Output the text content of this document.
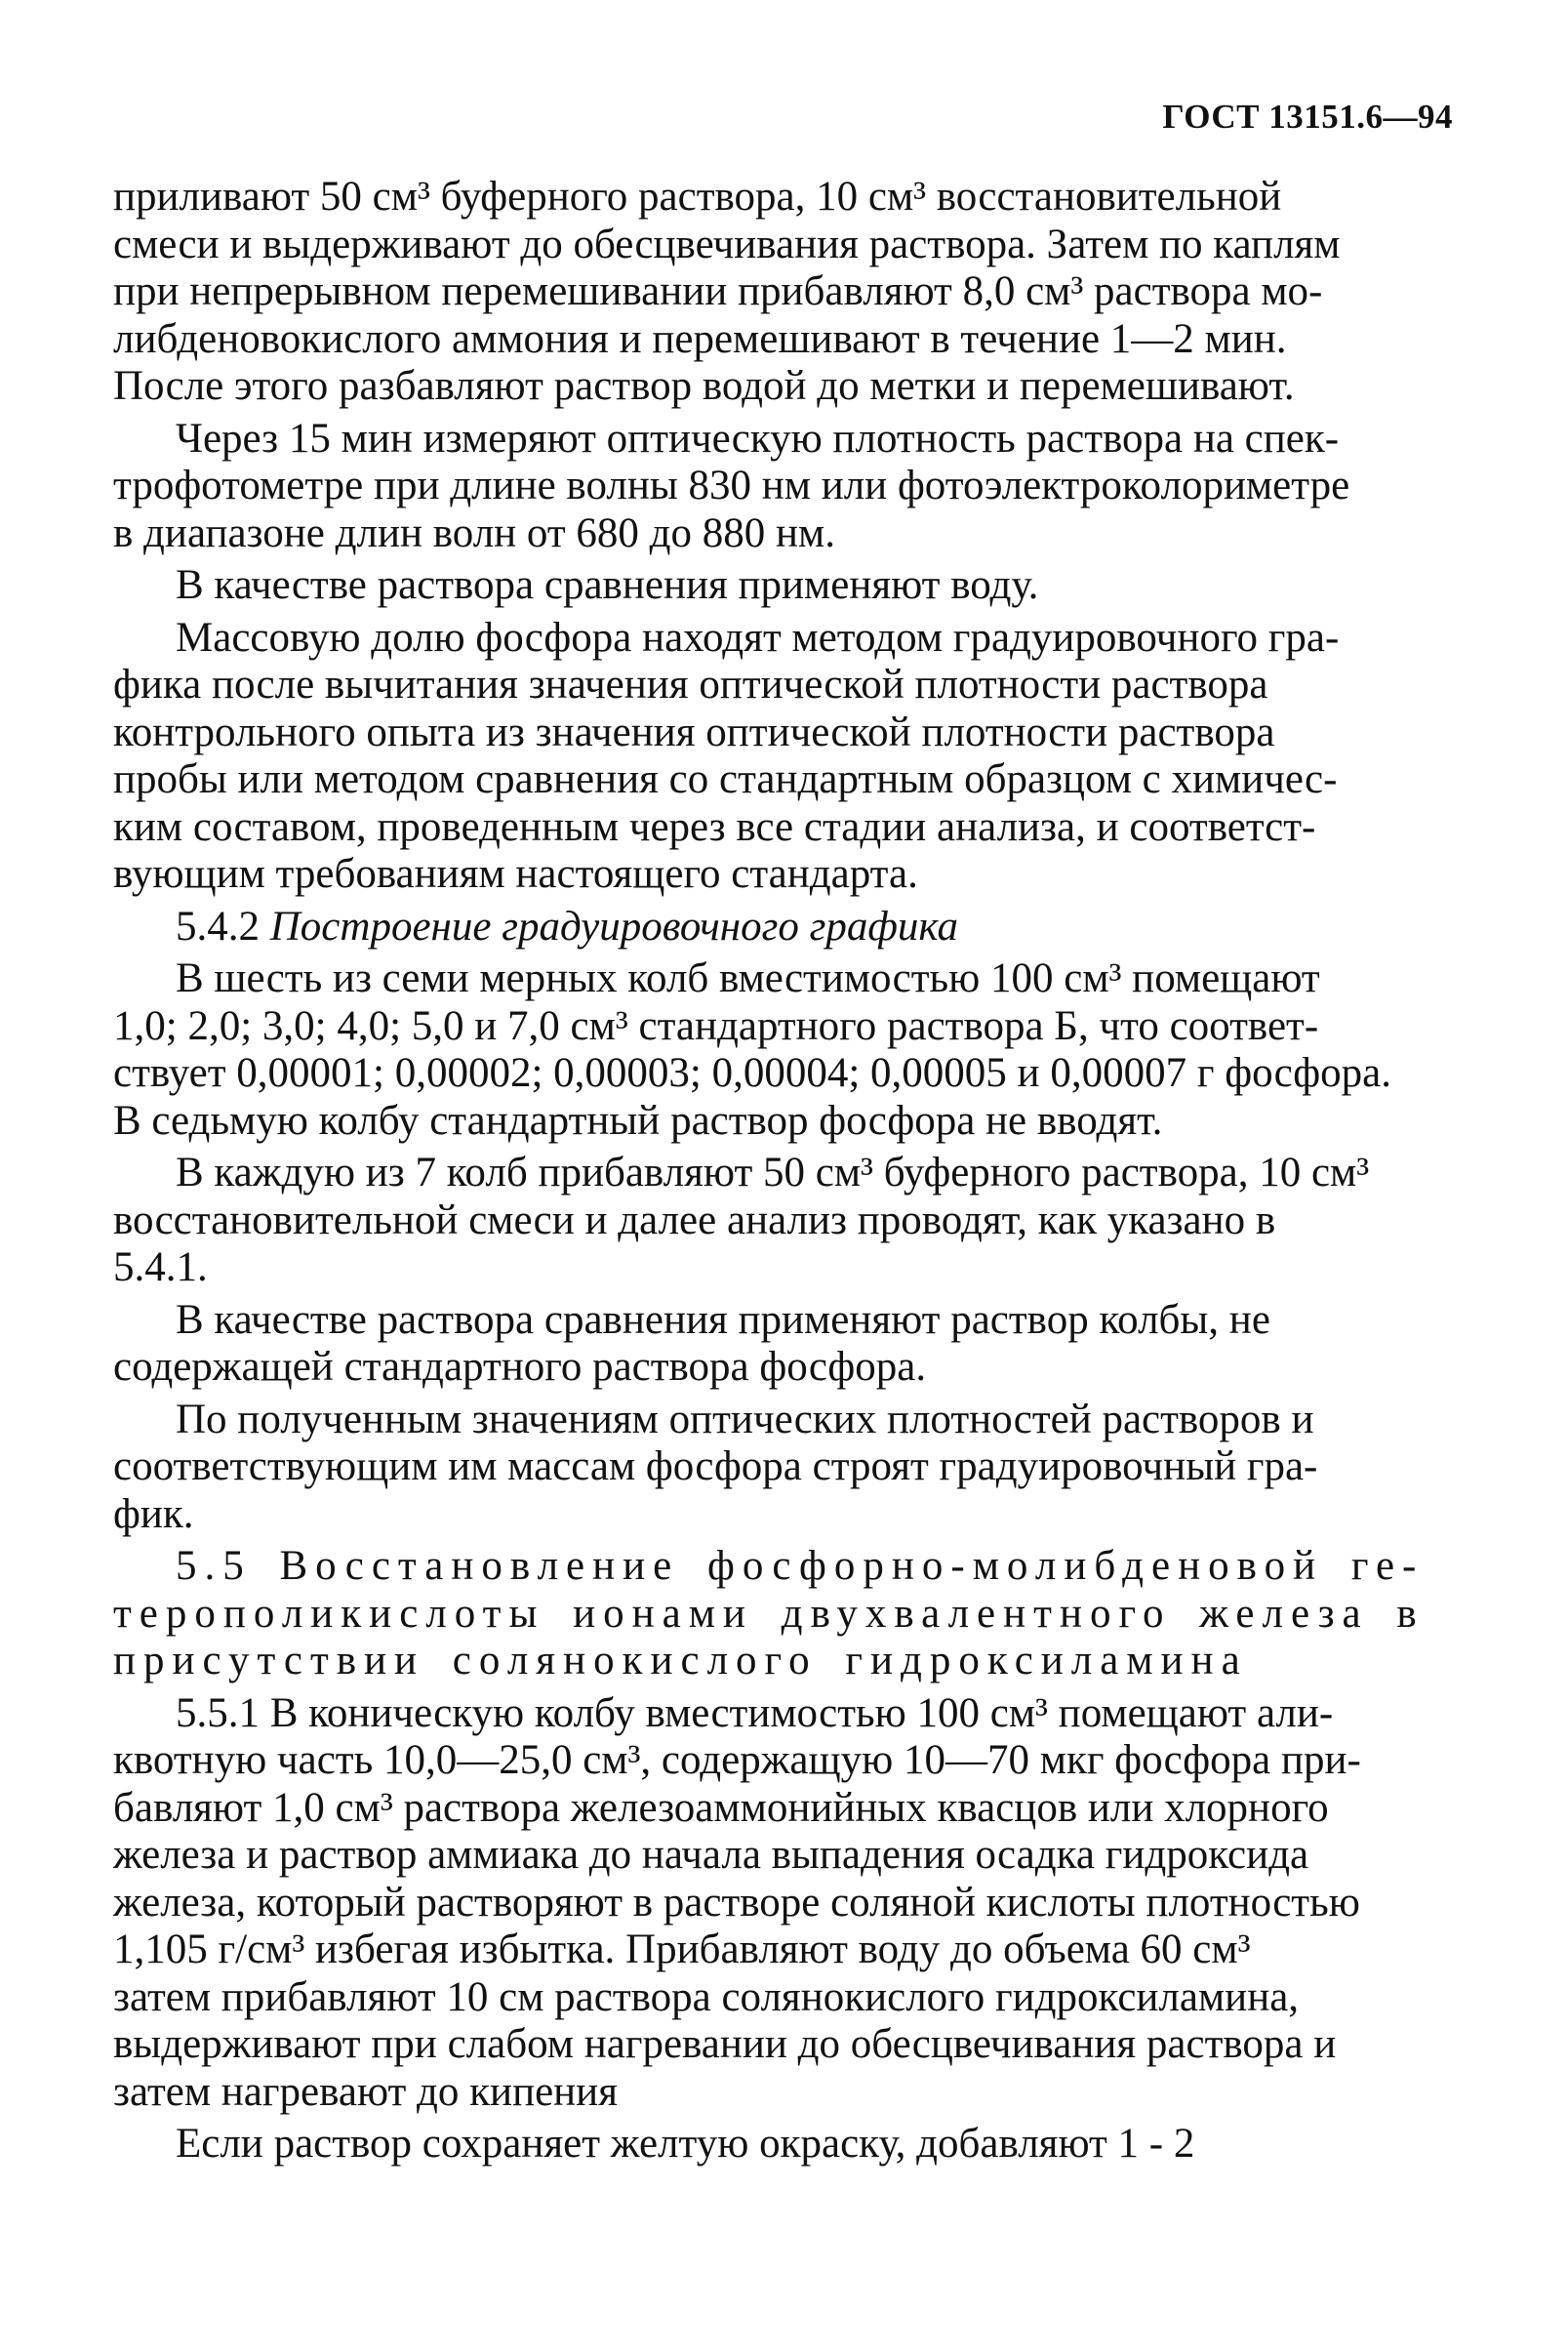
ГОСТ 13151.6—94

приливают 50 см³ буферного раствора, 10 см³ восстановительной
смеси и выдерживают до обесцвечивания раствора. Затем по каплям
при непрерывном перемешивании прибавляют 8,0 см³ раствора мо-
либденовокислого аммония и перемешивают в течение 1—2 мин.
После этого разбавляют раствор водой до метки и перемешивают.

Через 15 мин измеряют оптическую плотность раствора на спек-
трофотометре при длине волны 830 нм или фотоэлектроколориметре
в диапазоне длин волн от 680 до 880 нм.

В качестве раствора сравнения применяют воду.

Массовую долю фосфора находят методом градуировочного гра-
фика после вычитания значения оптической плотности раствора
контрольного опыта из значения оптической плотности раствора
пробы или методом сравнения со стандартным образцом с химичес-
ким составом, проведенным через все стадии анализа, и соответст-
вующим требованиям настоящего стандарта.

5.4.2 Построение градуировочного графика

В шесть из семи мерных колб вместимостью 100 см³ помещают
1,0; 2,0; 3,0; 4,0; 5,0 и 7,0 см³ стандартного раствора Б, что соответ-
ствует 0,00001; 0,00002; 0,00003; 0,00004; 0,00005 и 0,00007 г фосфора.
В седьмую колбу стандартный раствор фосфора не вводят.

В каждую из 7 колб прибавляют 50 см³ буферного раствора, 10 см³
восстановительной смеси и далее анализ проводят, как указано в
5.4.1.

В качестве раствора сравнения применяют раствор колбы, не
содержащей стандартного раствора фосфора.

По полученным значениям оптических плотностей растворов и
соответствующим им массам фосфора строят градуировочный гра-
фик.

5.5 Восстановление фосфорно-молибденовой ге-
терополикислоты ионами двухвалентного железа в
присутствии солянокислого гидроксиламина

5.5.1 В коническую колбу вместимостью 100 см³ помещают али-
квотную часть 10,0—25,0 см³, содержащую 10—70 мкг фосфора при-
бавляют 1,0 см³ раствора железоаммонийных квасцов или хлорного
железа и раствор аммиака до начала выпадения осадка гидроксида
железа, который растворяют в растворе соляной кислоты плотностью
1,105 г/см³ избегая избытка. Прибавляют воду до объема 60 см³
затем прибавляют 10 см раствора солянокислого гидроксиламина,
выдерживают при слабом нагревании до обесцвечивания раствора и
затем нагревают до кипения

Если раствор сохраняет желтую окраску, добавляют 1 - 2
